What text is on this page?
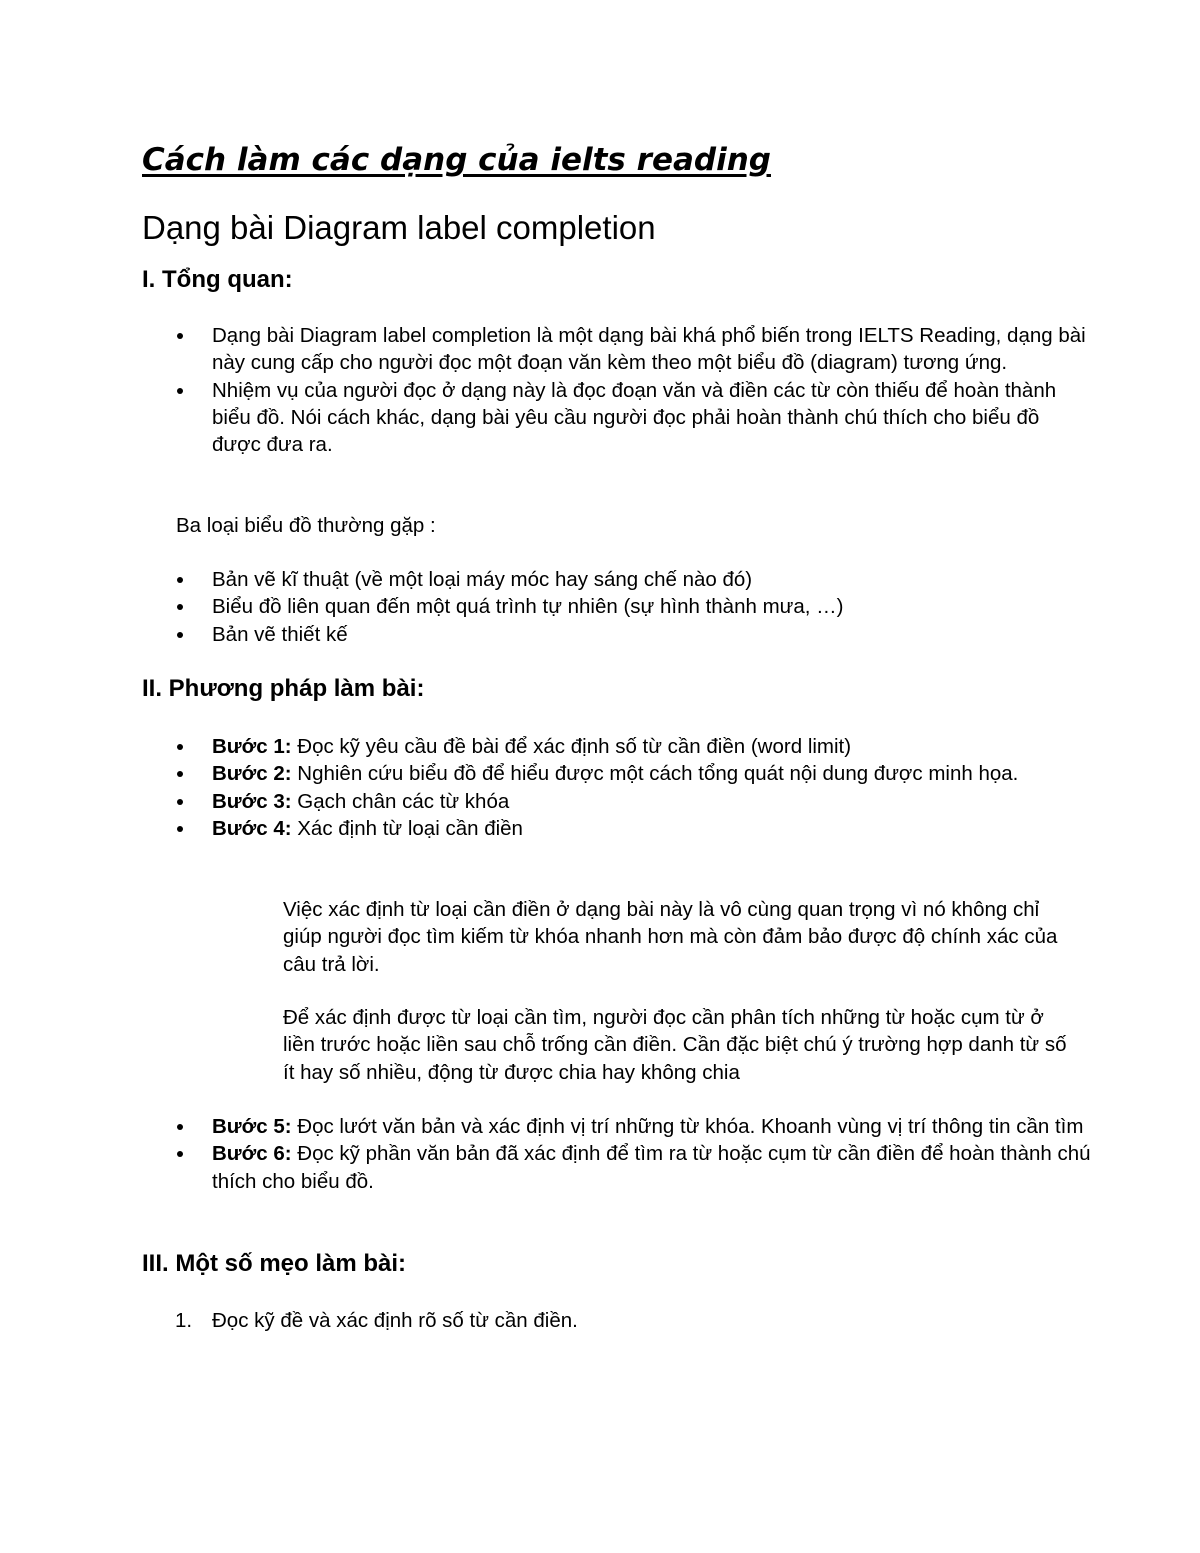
Cách làm các dạng của ielts reading
Dạng bài Diagram label completion
I. Tổng quan:
Dạng bài Diagram label completion là một dạng bài khá phổ biến trong IELTS Reading, dạng bài này cung cấp cho người đọc một đoạn văn kèm theo một biểu đồ (diagram) tương ứng.
Nhiệm vụ của người đọc ở dạng này là đọc đoạn văn và điền các từ còn thiếu để hoàn thành biểu đồ. Nói cách khác, dạng bài yêu cầu người đọc phải hoàn thành chú thích cho biểu đồ được đưa ra.

Ba loại biểu đồ thường gặp :

Bản vẽ kĩ thuật (về một loại máy móc hay sáng chế nào đó)
Biểu đồ liên quan đến một quá trình tự nhiên (sự hình thành mưa, …)
Bản vẽ thiết kế
II. Phương pháp làm bài:
Bước 1: Đọc kỹ yêu cầu đề bài để xác định số từ cần điền (word limit)
Bước 2: Nghiên cứu biểu đồ để hiểu được một cách tổng quát nội dung được minh họa.
Bước 3: Gạch chân các từ khóa
Bước 4: Xác định từ loại cần điền

Việc xác định từ loại cần điền ở dạng bài này là vô cùng quan trọng vì nó không chỉ giúp người đọc tìm kiếm từ khóa nhanh hơn mà còn đảm bảo được độ chính xác của câu trả lời.

Để xác định được từ loại cần tìm, người đọc cần phân tích những từ hoặc cụm từ ở liền trước hoặc liền sau chỗ trống cần điền. Cần đặc biệt chú ý trường hợp danh từ số ít hay số nhiều, động từ được chia hay không chia

Bước 5: Đọc lướt văn bản và xác định vị trí những từ khóa. Khoanh vùng vị trí thông tin cần tìm
Bước 6: Đọc kỹ phần văn bản đã xác định để tìm ra từ hoặc cụm từ cần điền để hoàn thành chú thích cho biểu đồ.
III. Một số mẹo làm bài:
1. Đọc kỹ đề và xác định rõ số từ cần điền.
